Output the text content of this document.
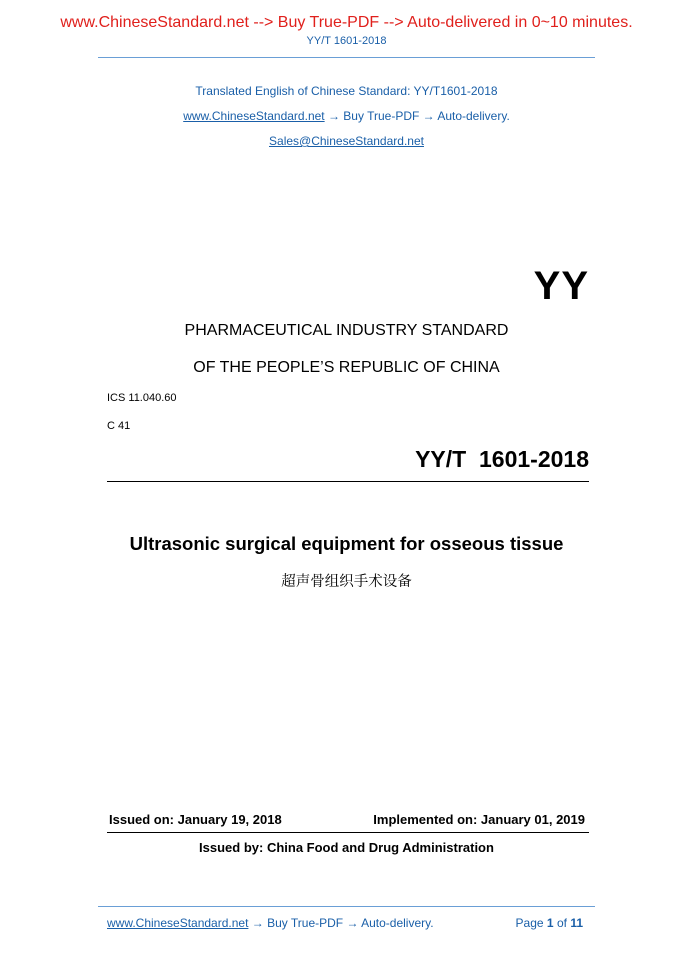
www.ChineseStandard.net --> Buy True-PDF --> Auto-delivered in 0~10 minutes.
YY/T 1601-2018
Translated English of Chinese Standard: YY/T1601-2018
www.ChineseStandard.net → Buy True-PDF → Auto-delivery.
Sales@ChineseStandard.net
YY
PHARMACEUTICAL INDUSTRY STANDARD
OF THE PEOPLE’S REPUBLIC OF CHINA
ICS 11.040.60
C 41
YY/T  1601-2018
Ultrasonic surgical equipment for osseous tissue
超声骨组织手术设备
Issued on: January 19, 2018	Implemented on: January 01, 2019
Issued by: China Food and Drug Administration
www.ChineseStandard.net → Buy True-PDF → Auto-delivery.	Page 1 of 11
